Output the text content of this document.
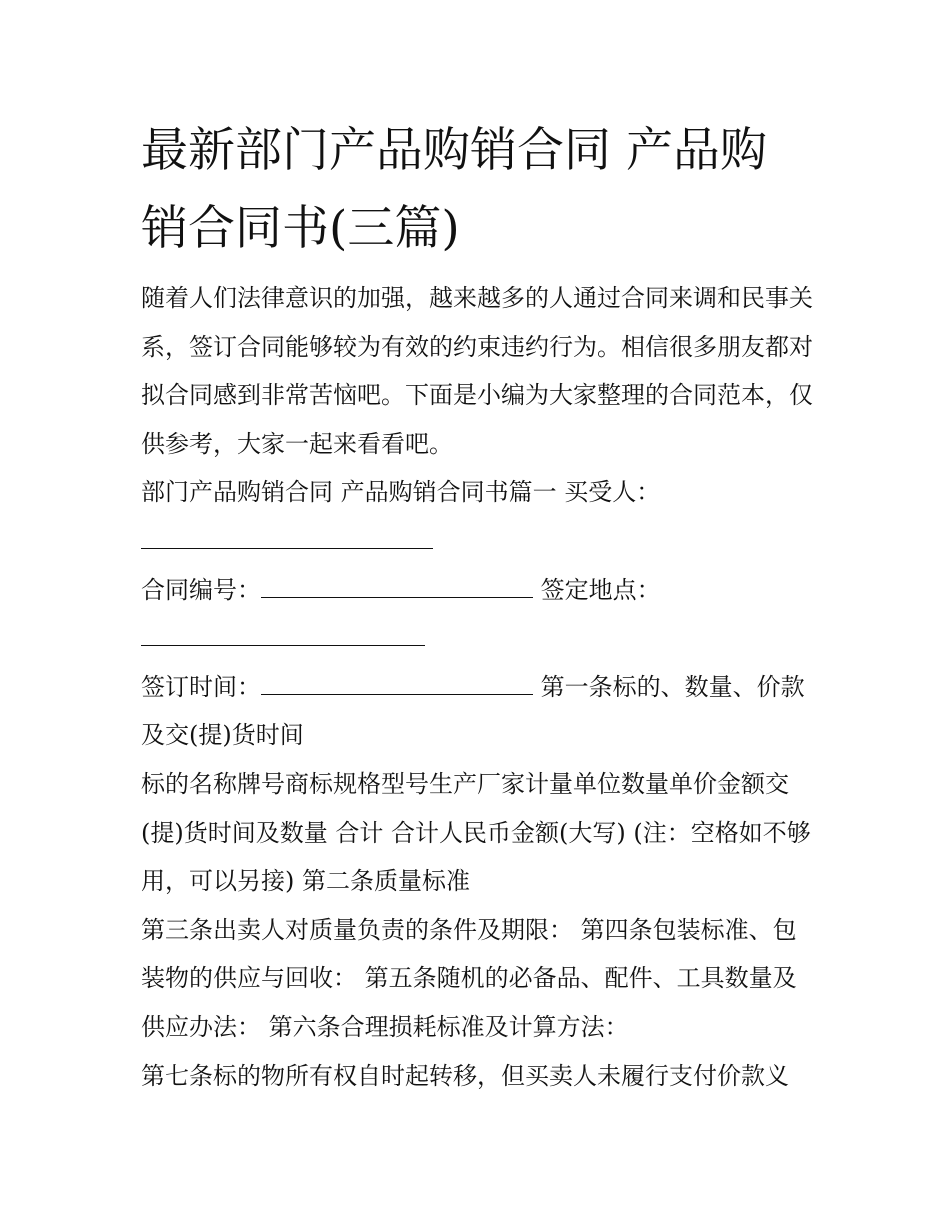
最新部门产品购销合同 产品购销合同书(三篇)

随着人们法律意识的加强，越来越多的人通过合同来调和民事关系，签订合同能够较为有效的约束违约行为。相信很多朋友都对拟合同感到非常苦恼吧。下面是小编为大家整理的合同范本，仅供参考，大家一起来看看吧。

部门产品购销合同 产品购销合同书篇一 买受人：

合同编号：	签定地点：

签订时间：	第一条标的、数量、价款及交(提)货时间

标的名称牌号商标规格型号生产厂家计量单位数量单价金额交(提)货时间及数量 合计 合计人民币金额(大写) (注：空格如不够用，可以另接) 第二条质量标准

第三条出卖人对质量负责的条件及期限： 第四条包装标准、包装物的供应与回收： 第五条随机的必备品、配件、工具数量及供应办法： 第六条合理损耗标准及计算方法：

第七条标的物所有权自时起转移，但买卖人未履行支付价款义
